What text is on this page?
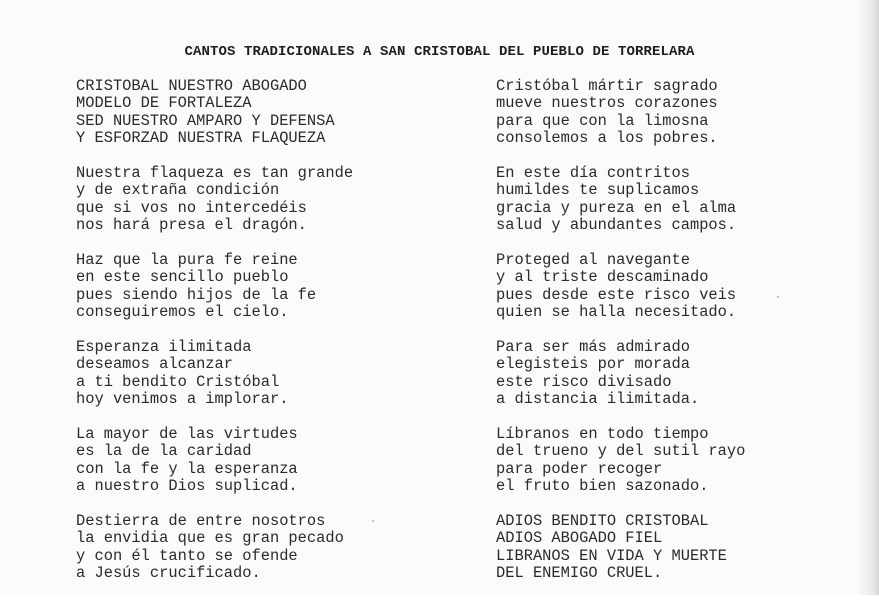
CANTOS TRADICIONALES A SAN CRISTOBAL DEL PUEBLO DE TORRELARA
CRISTOBAL NUESTRO ABOGADO
MODELO DE FORTALEZA
SED NUESTRO AMPARO Y DEFENSA
Y ESFORZAD NUESTRA FLAQUEZA
Nuestra flaqueza es tan grande
y de extraña condición
que si vos no intercedéis
nos hará presa el dragón.
Haz que la pura fe reine
en este sencillo pueblo
pues siendo hijos de la fe
conseguiremos el cielo.
Esperanza ilimitada
deseamos alcanzar
a ti bendito Cristóbal
hoy venimos a implorar.
La mayor de las virtudes
es la de la caridad
con la fe y la esperanza
a nuestro Dios suplicad.
Destierra de entre nosotros
la envidia que es gran pecado
y con él tanto se ofende
a Jesús crucificado.
Cristóbal mártir sagrado
mueve nuestros corazones
para que con la limosna
consolemos a los pobres.
En este día contritos
humildes te suplicamos
gracia y pureza en el alma
salud y abundantes campos.
Proteged al navegante
y al triste descaminado
pues desde este risco veis
quien se halla necesitado.
Para ser más admirado
elegisteis por morada
este risco divisado
a distancia ilimitada.
Líbranos en todo tiempo
del trueno y del sutil rayo
para poder recoger
el fruto bien sazonado.
ADIOS BENDITO CRISTOBAL
ADIOS ABOGADO FIEL
LIBRANOS EN VIDA Y MUERTE
DEL ENEMIGO CRUEL.
